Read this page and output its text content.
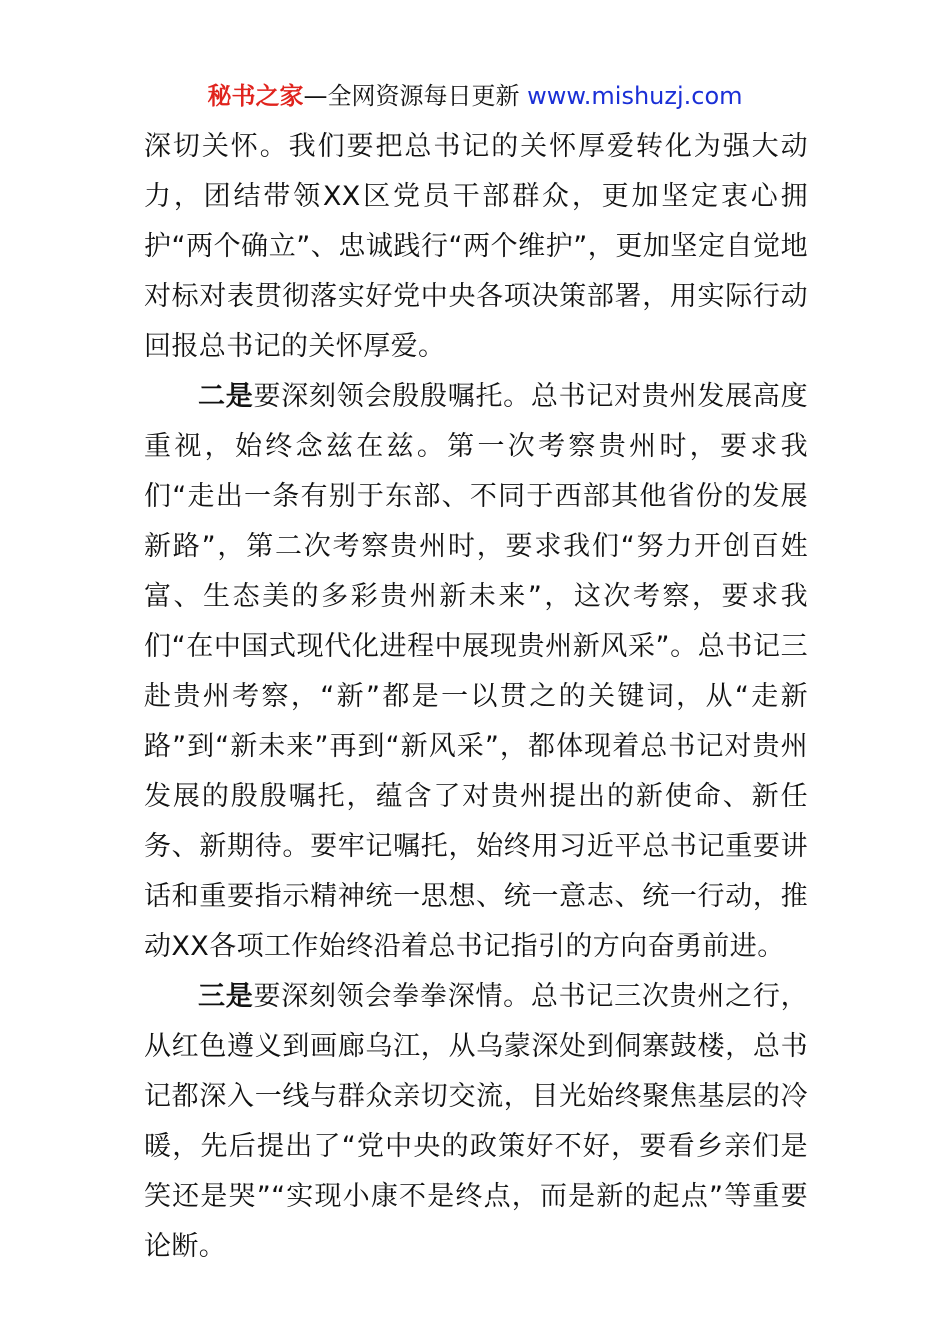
秘书之家—全网资源每日更新 www.mishuzj.com

深切关怀。我们要把总书记的关怀厚爱转化为强大动力，团结带领XX区党员干部群众，更加坚定衷心拥护“两个确立”、忠诚践行“两个维护”，更加坚定自觉地对标对表贯彻落实好党中央各项决策部署，用实际行动回报总书记的关怀厚爱。

二是要深刻领会殷殷嘱托。总书记对贵州发展高度重视，始终念兹在兹。第一次考察贵州时，要求我们“走出一条有别于东部、不同于西部其他省份的发展新路”，第二次考察贵州时，要求我们“努力开创百姓富、生态美的多彩贵州新未来”，这次考察，要求我们“在中国式现代化进程中展现贵州新风采”。总书记三赴贵州考察，“新”都是一以贯之的关键词，从“走新路”到“新未来”再到“新风采”，都体现着总书记对贵州发展的殷殷嘱托，蕴含了对贵州提出的新使命、新任务、新期待。要牢记嘱托，始终用习近平总书记重要讲话和重要指示精神统一思想、统一意志、统一行动，推动XX各项工作始终沿着总书记指引的方向奋勇前进。

三是要深刻领会拳拳深情。总书记三次贵州之行，从红色遵义到画廊乌江，从乌蒙深处到侗寨鼓楼，总书记都深入一线与群众亲切交流，目光始终聚焦基层的冷暖，先后提出了“党中央的政策好不好，要看乡亲们是笑还是哭”“实现小康不是终点，而是新的起点”等重要论断。
